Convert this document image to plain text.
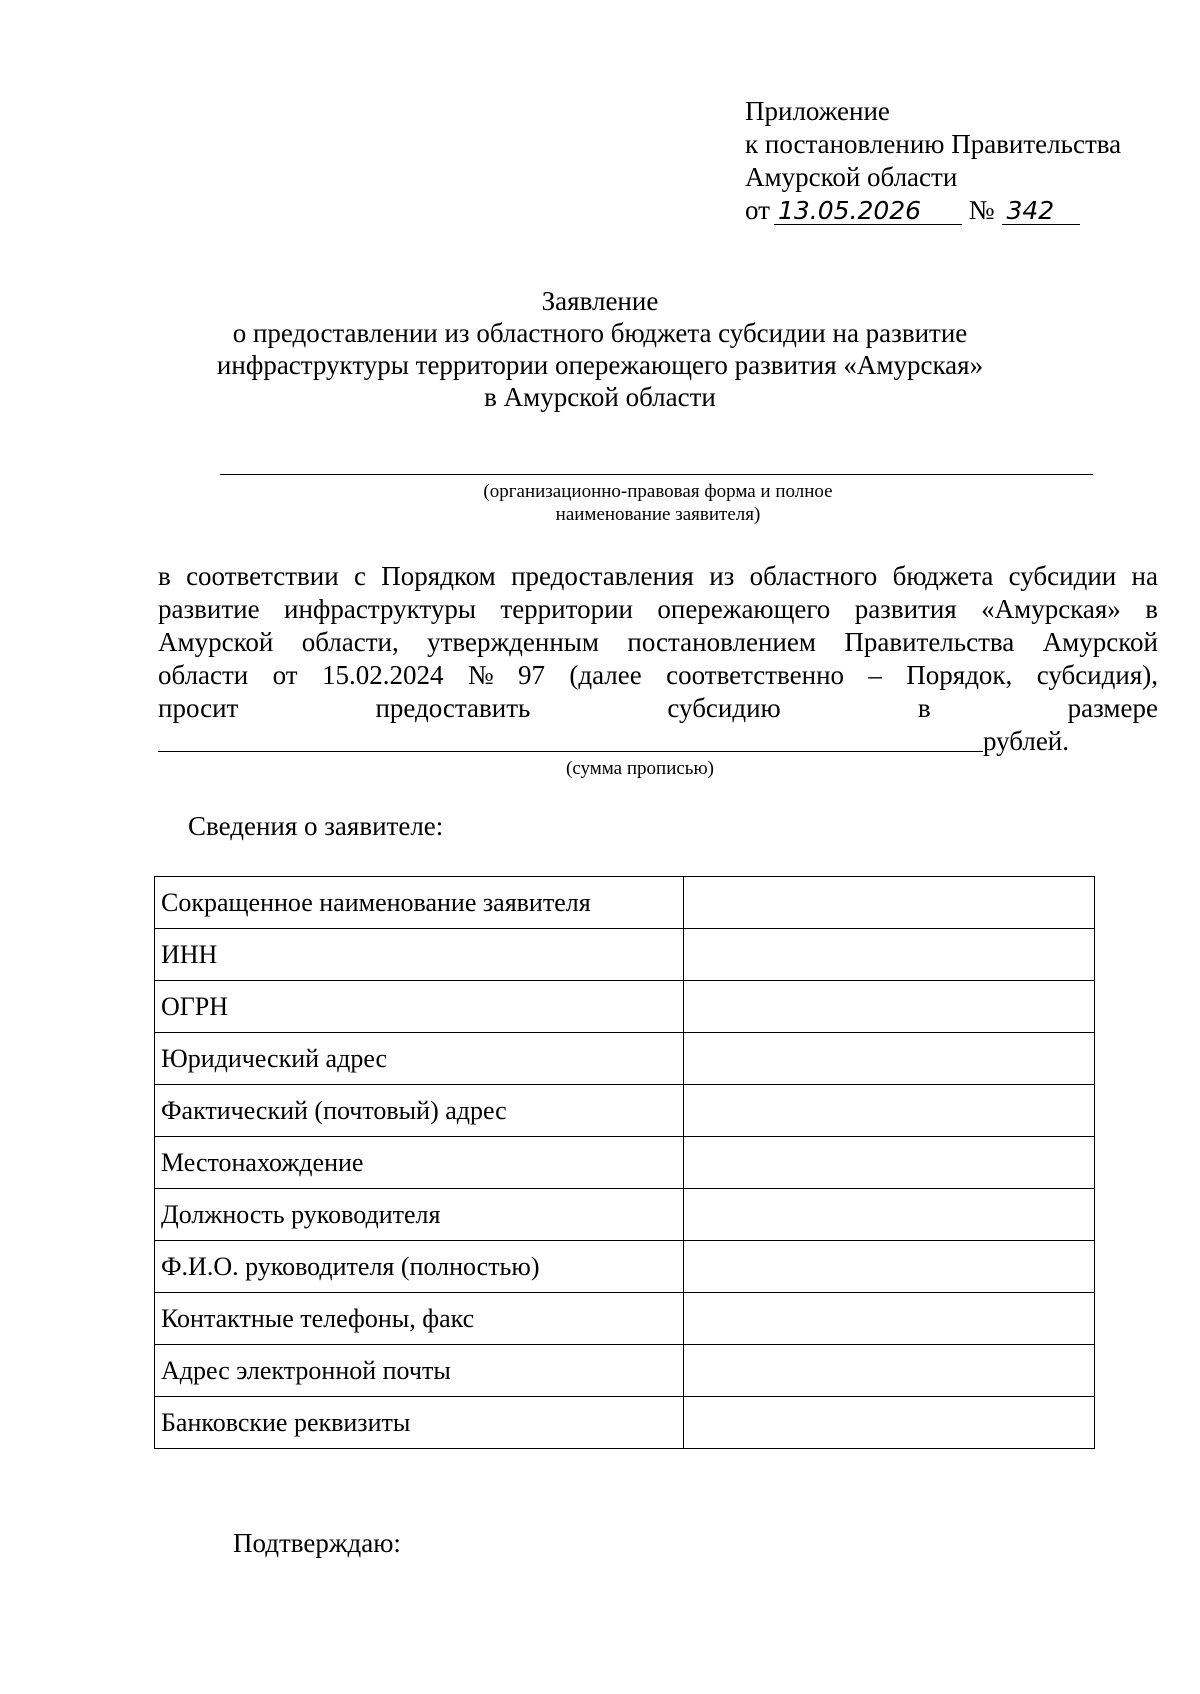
Приложение
к постановлению Правительства
Амурской области
от 13.05.2026 № 342
Заявление
о предоставлении из областного бюджета субсидии на развитие
инфраструктуры территории опережающего развития «Амурская»
в Амурской области
(организационно-правовая форма и полное
наименование заявителя)
в соответствии с Порядком предоставления из областного бюджета субсидии на
развитие инфраструктуры территории опережающего развития «Амурская» в
Амурской области, утвержденным постановлением Правительства Амурской
области от 15.02.2024 № 97 (далее соответственно – Порядок, субсидия),
просит	предоставить	субсидию	в	размере
рублей.
(сумма прописью)
Сведения о заявителе:
Сокращенное наименование заявителя	
ИНН	
ОГРН	
Юридический адрес	
Фактический (почтовый) адрес	
Местонахождение	
Должность руководителя	
Ф.И.О. руководителя (полностью)	
Контактные телефоны, факс	
Адрес электронной почты	
Банковские реквизиты	
Подтверждаю:
